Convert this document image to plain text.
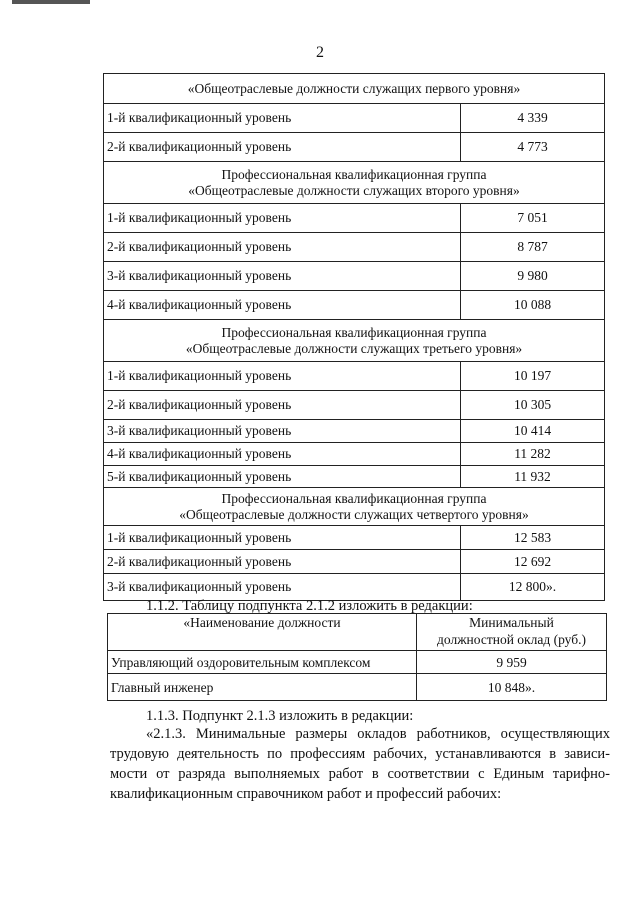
2
«Общеотраслевые должности служащих первого уровня»	
1-й квалификационный уровень	4 339
2-й квалификационный уровень	4 773

Профессиональная квалификационная группа
«Общеотраслевые должности служащих второго уровня»	

1-й квалификационный уровень	7 051
2-й квалификационный уровень	8 787
3-й квалификационный уровень	9 980
4-й квалификационный уровень	10 088

Профессиональная квалификационная группа
«Общеотраслевые должности служащих третьего уровня»	

1-й квалификационный уровень	10 197
2-й квалификационный уровень	10 305
3-й квалификационный уровень	10 414
4-й квалификационный уровень	11 282
5-й квалификационный уровень	11 932

Профессиональная квалификационная группа
«Общеотраслевые должности служащих четвертого уровня»	

1-й квалификационный уровень	12 583
2-й квалификационный уровень	12 692
3-й квалификационный уровень	12 800».
1.1.2. Таблицу подпункта 2.1.2 изложить в редакции:
«Наименование должности	Минимальный
должностной оклад (руб.)

Управляющий оздоровительным комплексом	9 959
Главный инженер	10 848».
1.1.3. Подпункт 2.1.3 изложить в редакции:
«2.1.3. Минимальные размеры окладов работников, осуществляющих
трудовую деятельность по профессиям рабочих, устанавливаются в зависи-
мости от разряда выполняемых работ в соответствии с Единым тарифно-
квалификационным справочником работ и профессий рабочих:
